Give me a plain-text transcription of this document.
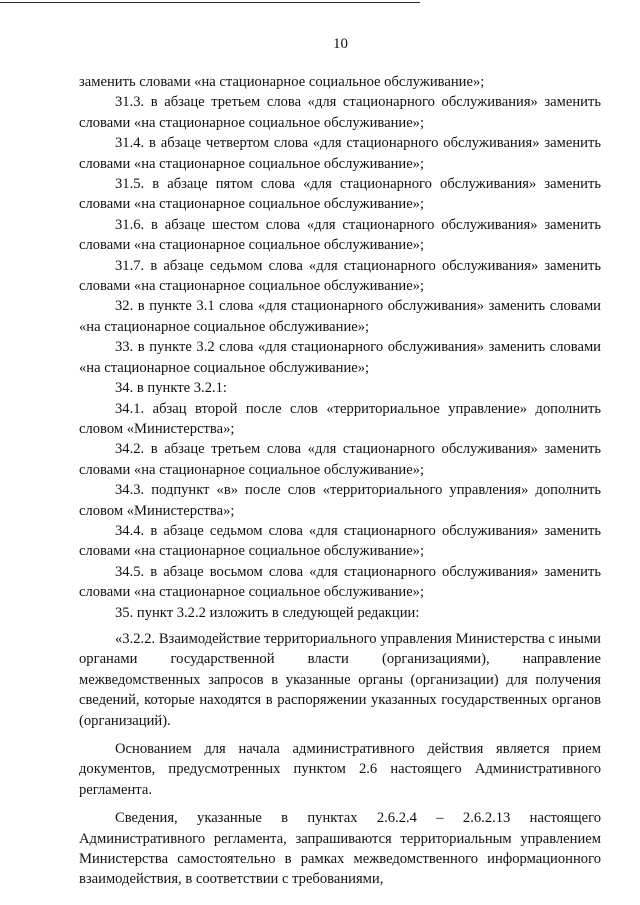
10

заменить словами «на стационарное социальное обслуживание»;

31.3. в абзаце третьем слова «для стационарного обслуживания» заменить словами «на стационарное социальное обслуживание»;

31.4. в абзаце четвертом слова «для стационарного обслуживания» заменить словами «на стационарное социальное обслуживание»;

31.5. в абзаце пятом слова «для стационарного обслуживания» заменить словами «на стационарное социальное обслуживание»;

31.6. в абзаце шестом слова «для стационарного обслуживания» заменить словами «на стационарное социальное обслуживание»;

31.7. в абзаце седьмом слова «для стационарного обслуживания» заменить словами «на стационарное социальное обслуживание»;

32. в пункте 3.1 слова «для стационарного обслуживания» заменить словами «на стационарное социальное обслуживание»;

33. в пункте 3.2 слова «для стационарного обслуживания» заменить словами «на стационарное социальное обслуживание»;

34. в пункте 3.2.1:

34.1. абзац второй после слов «территориальное управление» дополнить словом «Министерства»;

34.2. в абзаце третьем слова «для стационарного обслуживания» заменить словами «на стационарное социальное обслуживание»;

34.3. подпункт «в» после слов «территориального управления» дополнить словом «Министерства»;

34.4. в абзаце седьмом слова «для стационарного обслуживания» заменить словами «на стационарное социальное обслуживание»;

34.5. в абзаце восьмом слова «для стационарного обслуживания» заменить словами «на стационарное социальное обслуживание»;

35. пункт 3.2.2 изложить в следующей редакции:

«3.2.2. Взаимодействие территориального управления Министерства с иными органами государственной власти (организациями), направление межведомственных запросов в указанные органы (организации) для получения сведений, которые находятся в распоряжении указанных государственных органов (организаций).

Основанием для начала административного действия является прием документов, предусмотренных пунктом 2.6 настоящего Административного регламента.

Сведения, указанные в пунктах 2.6.2.4 – 2.6.2.13 настоящего Административного регламента, запрашиваются территориальным управлением Министерства самостоятельно в рамках межведомственного информационного взаимодействия, в соответствии с требованиями,
